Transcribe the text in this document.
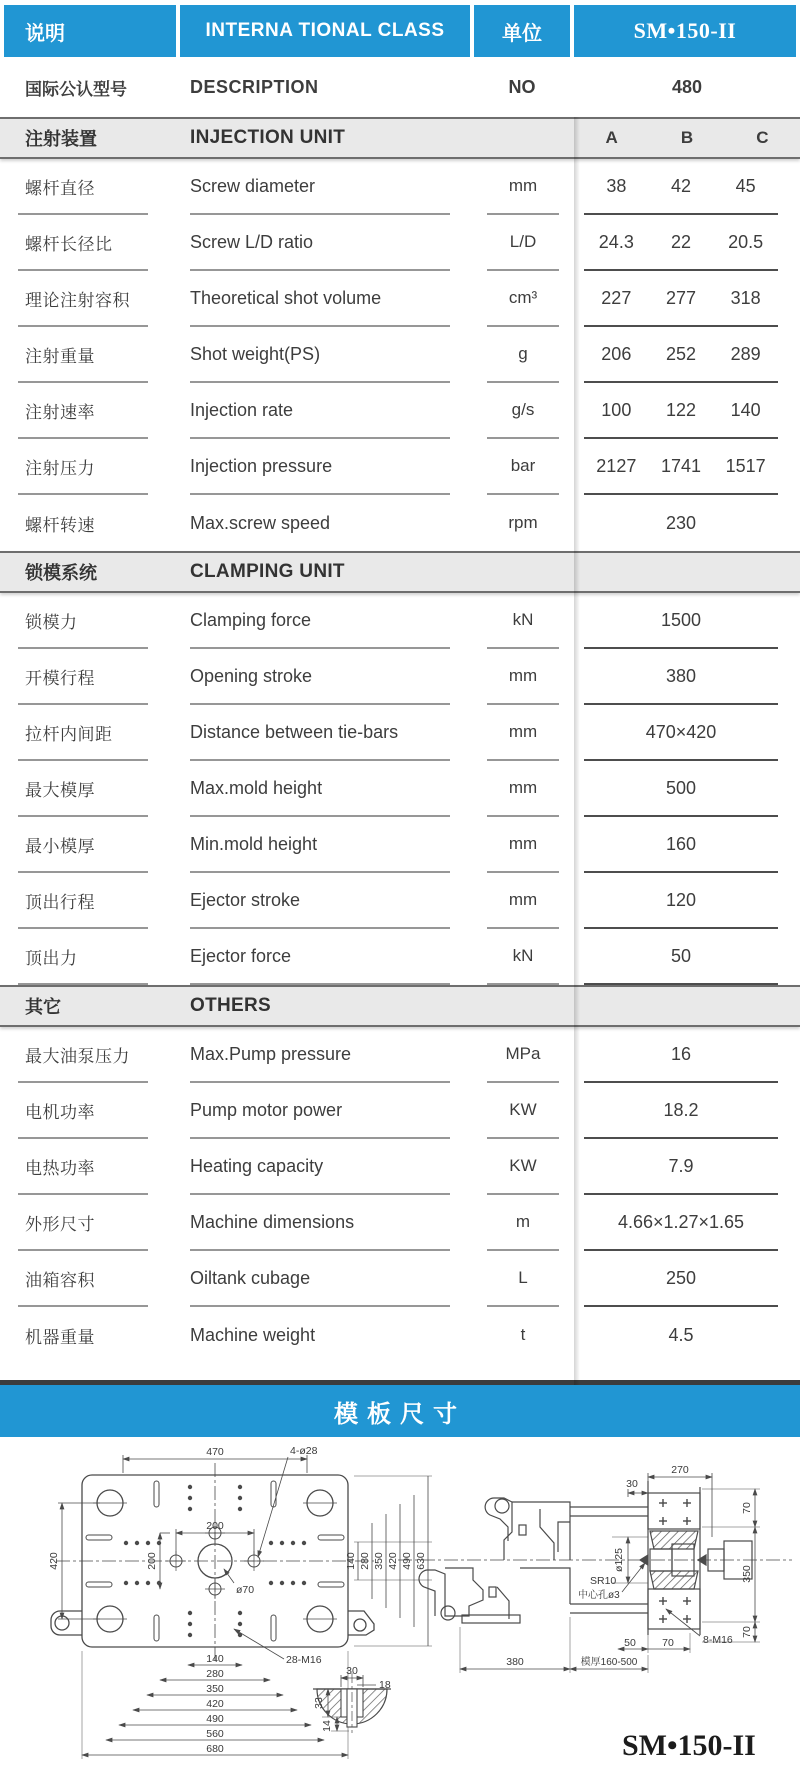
说明	INTERNA TIONAL CLASS	单位	SM•150-II
国际公认型号	DESCRIPTION	NO	480
注射装置	INJECTION UNIT	A	B	C
螺杆直径	Screw diameter	mm	38	42	45
螺杆长径比	Screw L/D ratio	L/D	24.3	22	20.5
理论注射容积	Theoretical shot volume	cm³	227	277	318
注射重量	Shot weight(PS)	g	206	252	289
注射速率	Injection rate	g/s	100	122	140
注射压力	Injection pressure	bar	2127	1741	1517
螺杆转速	Max.screw speed	rpm	230
锁模系统	CLAMPING UNIT
锁模力	Clamping force	kN	1500
开模行程	Opening stroke	mm	380
拉杆内间距	Distance between tie-bars	mm	470×420
最大模厚	Max.mold height	mm	500
最小模厚	Min.mold height	mm	160
顶出行程	Ejector stroke	mm	120
顶出力	Ejector force	kN	50
其它	OTHERS
最大油泵压力	Max.Pump pressure	MPa	16
电机功率	Pump motor power	KW	18.2
电热功率	Heating capacity	KW	7.9
外形尺寸	Machine dimensions	m	4.66×1.27×1.65
油箱容积	Oiltank cubage	L	250
机器重量	Machine weight	t	4.5
模板尺寸
470	4-ø28
420
200
200
ø70
140 280 350 420 490 630
140
280
350
420
490
560
680
28-M16
30
18
33
14
270
30
70
350
70
ø125
SR10
中心孔ø3
8-M16
50	70
380	模厚160-500
SM•150-II
